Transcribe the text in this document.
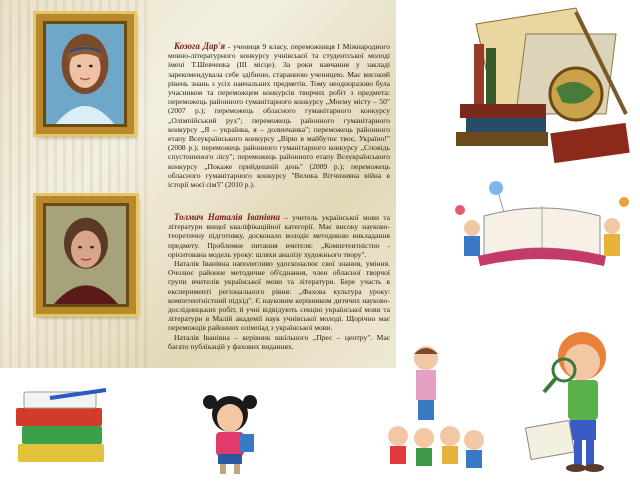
Козога Дар'я - учениця 9 класу, переможниця I Міжнародного мовно-літературного конкурсу учнівської та студентської молоді імені Т.Шевченка (III місце). За роки навчання у закладі зарекомендувала себе здібною, старанною ученицею. Має високий рівень знань з усіх навчальних предметів. Тому неодноразово була учасником та переможцем конкурсів творчих робіт з предмета: переможець районного гуманітарного конкурсу „Моєму місту – 50" (2007 р.); переможець обласного гуманітарного конкурсу „Олімпійський рух"; переможець районного гуманітарного конкурсу „Я – українка, я – долинчанка"; переможець районного етапу Всеукраїнського конкурсу „Вірю в майбутнє твоє, Україно!" (2008 р.); переможець районного гуманітарного конкурсу „Сповідь спустошеного лісу"; переможець районного етапу Всеукраїнського конкурсу „Покаже прийдешній день" (2009 р.); переможець обласного гуманітарного конкурсу "Велика Вітчизняна війна в історії моєї сім'ї" (2010 р.).

Толмач Наталія Іванівна – учитель української мови та літератури вищої кваліфікаційної категорії. Має високу науково-теоретичну підготовку, досконало володіє методикою викладання предмету. Проблемне питання вчителя: „Компетентністно - орієнтована модель уроку: шляхи аналізу художнього твору".

Наталія Іванівна наполегливо удосконалює свої знання, уміння. Очолює районне методичне об'єднання, член обласної творчої групи вчителів української мови та літератури. Бере участь в експерименті регіонального рівня: „Фахова культура уроку: компетентністний підхід". Є науковим керівником дитячих науково-дослідницьких робіт, й учні відвідують секцію української мови та літератури в Малій академії наук учнівської молоді. Щорічно має переможців районних олімпіад з української мови.

Наталія Іванівна – керівник шкільного „Прес – центру". Має багато публікацій у фахових виданнях.
